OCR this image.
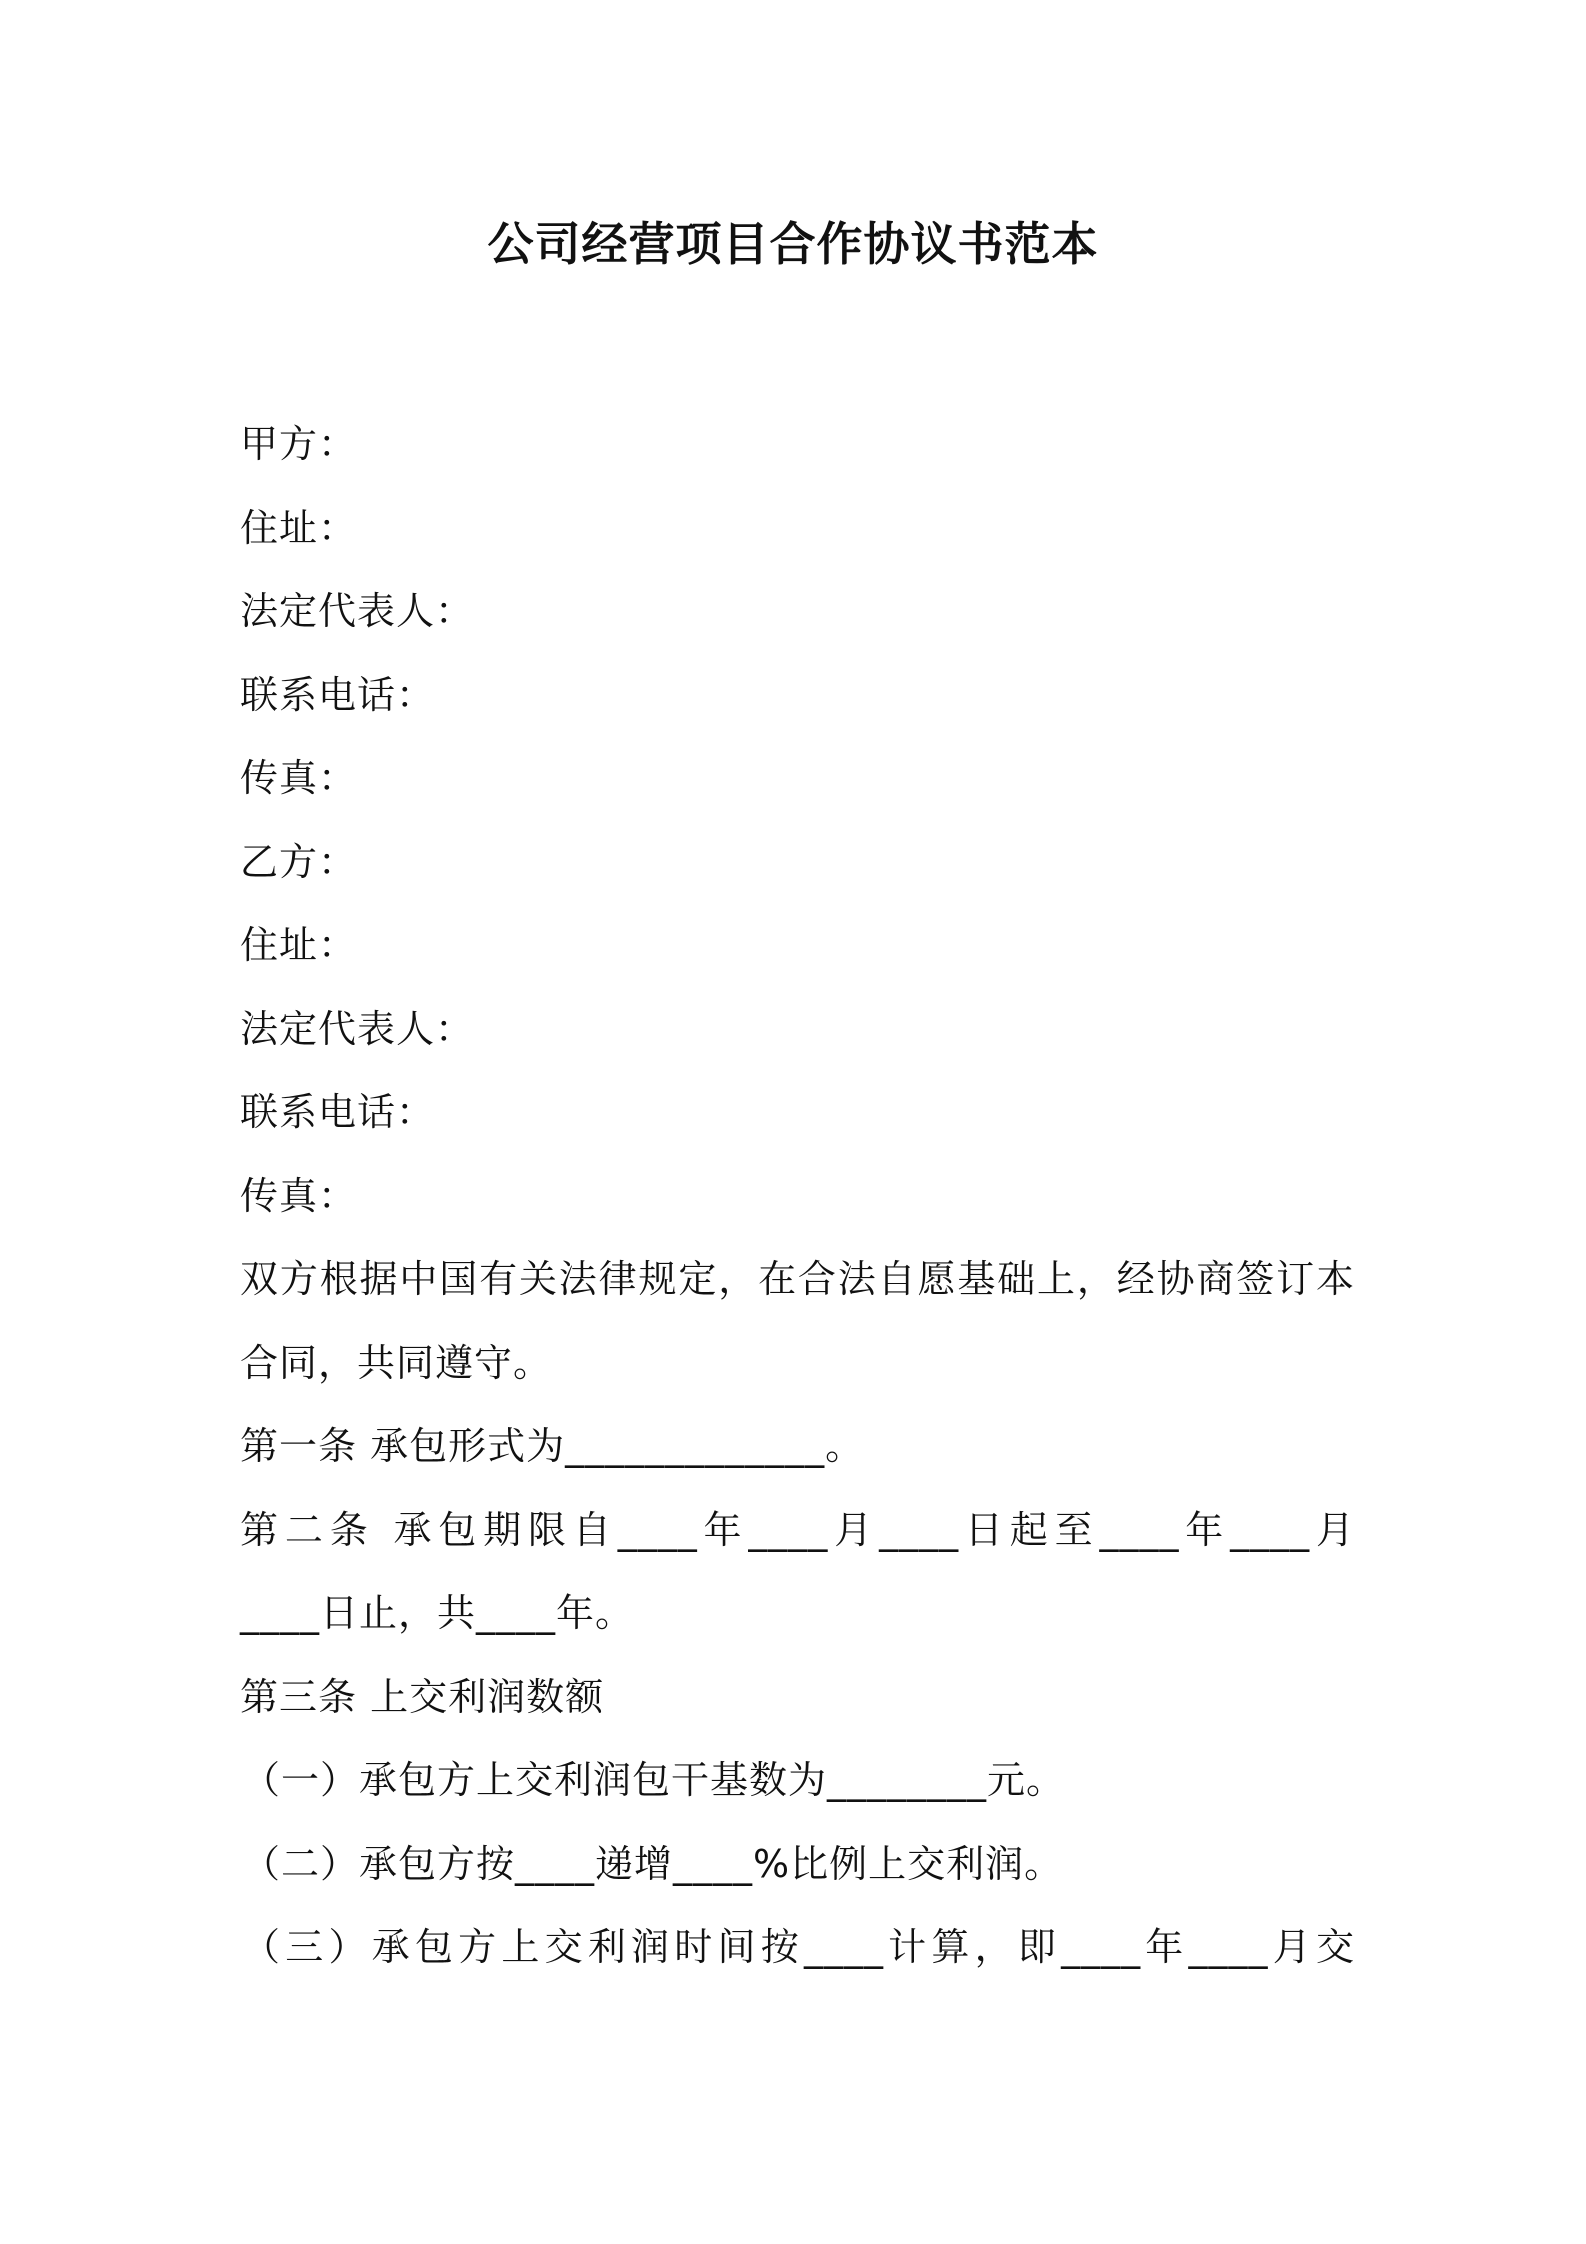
公司经营项目合作协议书范本

甲方：

住址：

法定代表人：

联系电话：

传真：

乙方：

住址：

法定代表人：

联系电话：

传真：

双方根据中国有关法律规定，在合法自愿基础上，经协商签订本

合同，共同遵守。

第一条 承包形式为_____________。

第二条 承包期限自____年____月____日起至____年____月

____日止，共____年。

第三条 上交利润数额

（一）承包方上交利润包干基数为________元。

（二）承包方按____递增____%比例上交利润。

（三）承包方上交利润时间按____计算，即____年____月交
